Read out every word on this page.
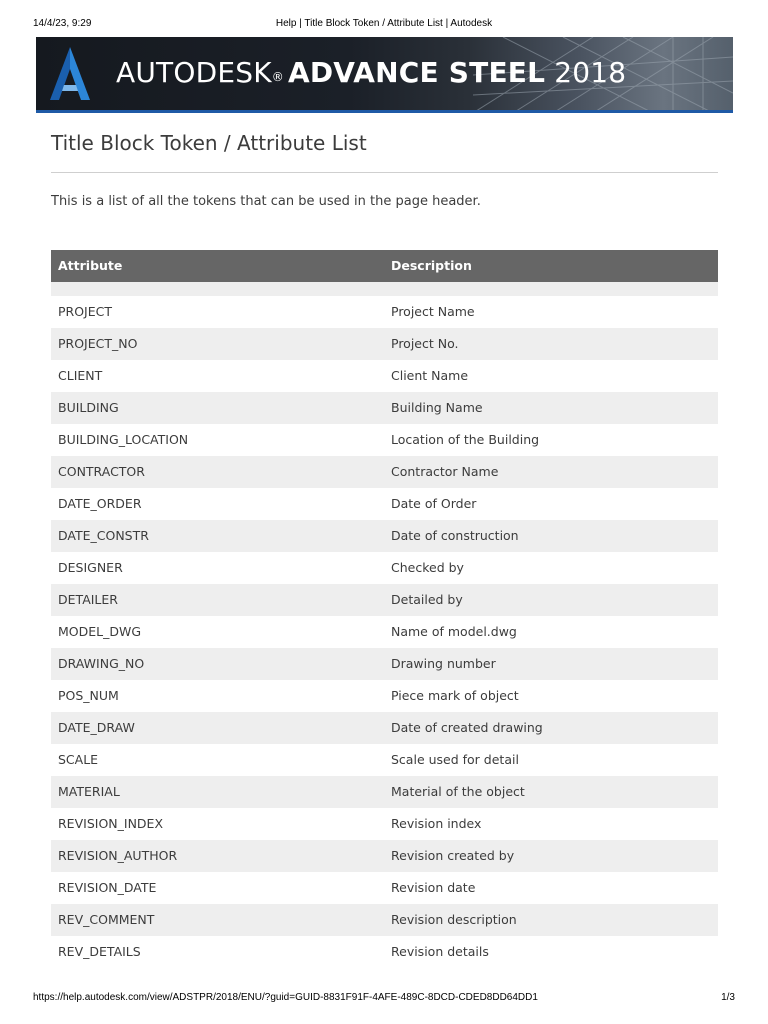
14/4/23, 9:29	Help | Title Block Token / Attribute List | Autodesk
AUTODESK® ADVANCE STEEL 2018
Title Block Token / Attribute List

This is a list of all the tokens that can be used in the page header.

Attribute	Description

PROJECT	Project Name
PROJECT_NO	Project No.
CLIENT	Client Name
BUILDING	Building Name
BUILDING_LOCATION	Location of the Building
CONTRACTOR	Contractor Name
DATE_ORDER	Date of Order
DATE_CONSTR	Date of construction
DESIGNER	Checked by
DETAILER	Detailed by
MODEL_DWG	Name of model.dwg
DRAWING_NO	Drawing number
POS_NUM	Piece mark of object
DATE_DRAW	Date of created drawing
SCALE	Scale used for detail
MATERIAL	Material of the object
REVISION_INDEX	Revision index
REVISION_AUTHOR	Revision created by
REVISION_DATE	Revision date
REV_COMMENT	Revision description
REV_DETAILS	Revision details
https://help.autodesk.com/view/ADSTPR/2018/ENU/?guid=GUID-8831F91F-4AFE-489C-8DCD-CDED8DD64DD1	1/3
